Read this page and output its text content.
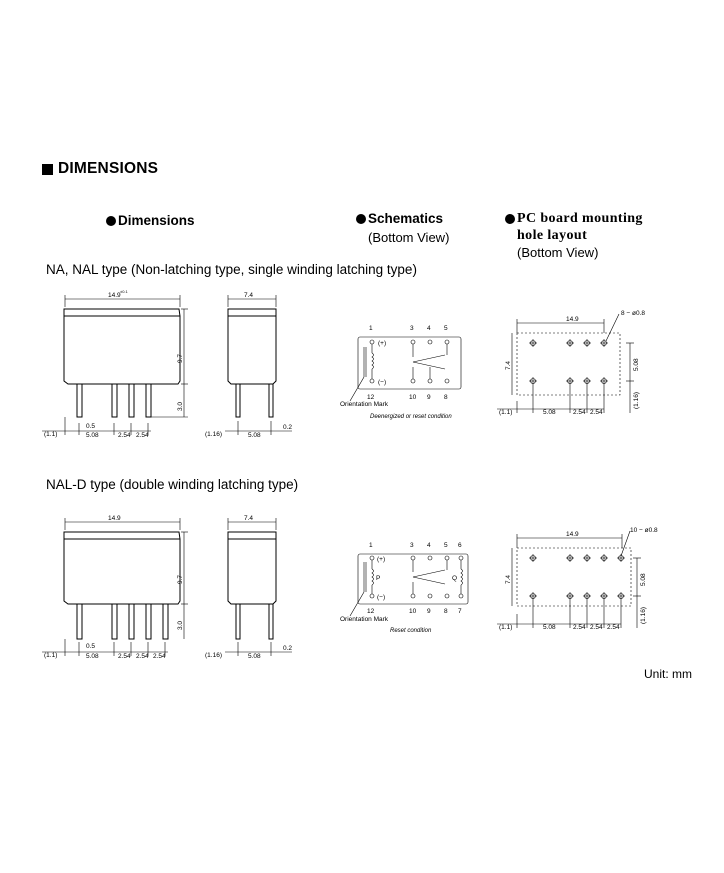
DIMENSIONS
Dimensions	Schematics
(Bottom View)
PC board mounting
hole layout
(Bottom View)
NA, NAL type (Non-latching type, single winding latching type)
NAL-D type (double winding latching type)
14.9
±0.1
9.7
3.0
(1.1)
0.5
5.08	2.54 2.54
7.4
(1.16)	5.08
0.2
1	3 4 5
12	10 9 8
(+)
(−)
Orientation Mark
Deenergized or reset condition
14.9
8 − ø0.8
7.4	5.08
(1.16)
(1.1)	5.08	2.54 2.54
14.9
9.7
3.0
(1.1)
0.5
5.08	2.54 2.54 2.54
7.4
(1.16)	5.08
0.2
1	3 4 5 6
12	10 9 8 7
(+)
(−)
P	Q
Orientation Mark
Reset condition
14.9
10 − ø0.8
7.4	5.08
(1.16)
(1.1)	5.08	2.54 2.54 2.54
Unit: mm
